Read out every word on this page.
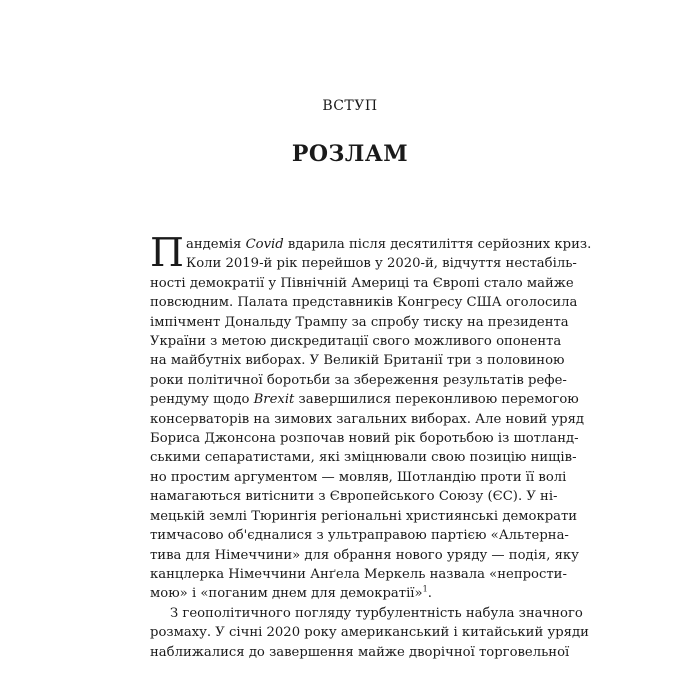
ВСТУП
РОЗЛАМ
П андемія Covid вдарила після десятиліття серйозних криз.
Коли 2019-й рік перейшов у 2020-й, відчуття нестабіль-
ності демократії у Північній Америці та Європі стало майже
повсюдним. Палата представників Конгресу США оголосила
імпічмент Дональду Трампу за спробу тиску на президента
України з метою дискредитації свого можливого опонента
на майбутніх виборах. У Великій Британії три з половиною
роки політичної боротьби за збереження результатів рефе-
рендуму щодо Brexit завершилися переконливою перемогою
консерваторів на зимових загальних виборах. Але новий уряд
Бориса Джонсона розпочав новий рік боротьбою із шотланд-
ськими сепаратистами, які зміцнювали свою позицію нищів-
но простим аргументом — мовляв, Шотландію проти її волі
намагаються витіснити з Європейського Союзу (ЄС). У ні-
мецькій землі Тюрингія регіональні християнські демократи
тимчасово об'єдналися з ультраправою партією «Альтерна-
тива для Німеччини» для обрання нового уряду — подія, яку
канцлерка Німеччини Анґела Меркель назвала «непрости-
мою» і «поганим днем для демократії»$^1$.
З геополітичного погляду турбулентність набула значного
розмаху. У січні 2020 року американський і китайський уряди
наближалися до завершення майже дворічної торговельної
